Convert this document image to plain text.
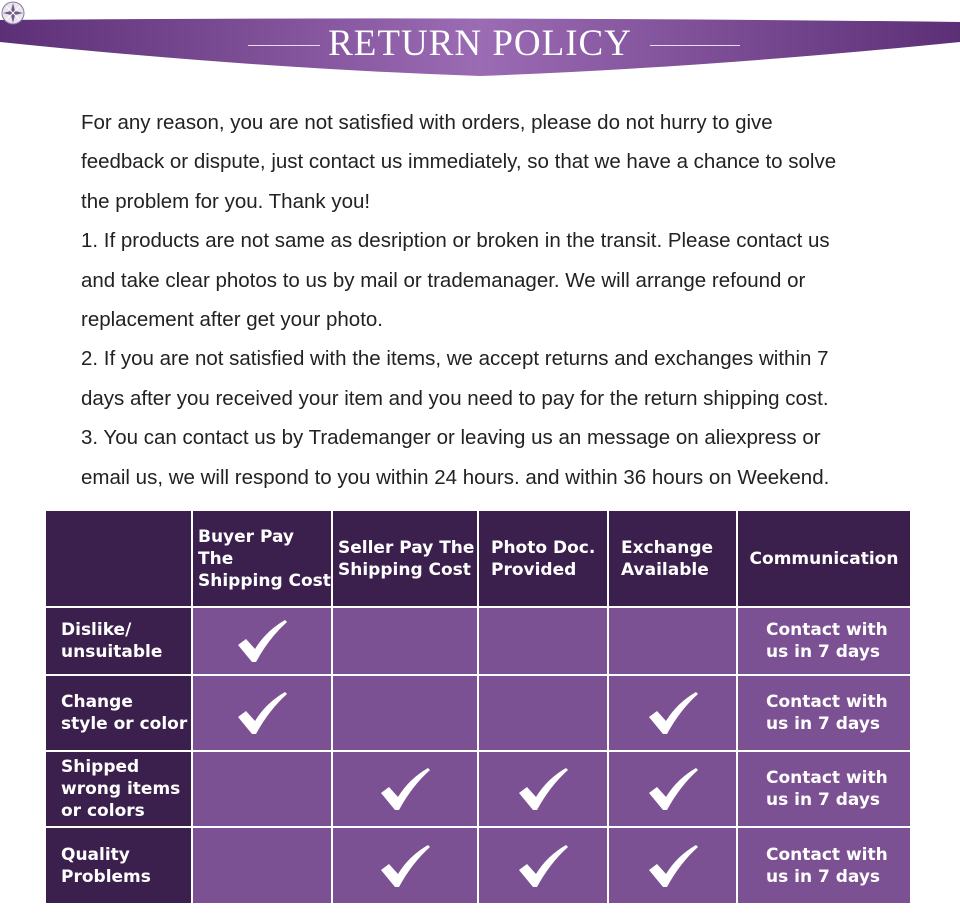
RETURN POLICY

For any reason, you are not satisfied with orders, please do not hurry to give

feedback or dispute, just contact us immediately, so that we have a chance to solve

the problem for you. Thank you!

1. If products are not same as desription or broken in the transit. Please contact us

and take clear photos to us by mail or trademanager. We will arrange refound or

replacement after get your photo.

2. If you are not satisfied with the items, we accept returns and exchanges within 7

days after you received your item and you need to pay for the return shipping cost.

3. You can contact us by Trademanger or leaving us an message on aliexpress or

email us, we will respond to you within 24 hours. and within 36 hours on Weekend.

Buyer Pay The
Shipping Cost
Seller Pay The
Shipping Cost
Photo Doc.
Provided
Exchange
Available
Communication
Dislike/
unsuitable
Contact with
us in 7 days
Change
style or color
Contact with
us in 7 days
Shipped
wrong items
or colors
Contact with
us in 7 days
Quality
Problems
Contact with
us in 7 days
